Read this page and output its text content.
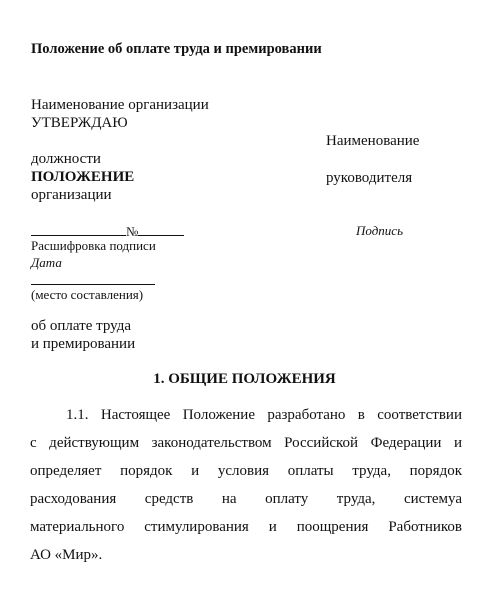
Положение об оплате труда и премировании
Наименование организации
УТВЕРЖДАЮ
Наименование
должности
ПОЛОЖЕНИЕ	руководителя
организации
№	Подпись
Расшифровка подписи
Дата
(место составления)
об оплате труда
и премировании
1. ОБЩИЕ ПОЛОЖЕНИЯ
1.1. Настоящее Положение разработано в соответствии
с действующим законодательством Российской Федерации и
определяет порядок и условия оплаты труда, порядок
расходования средств на оплату труда, системуа
материального стимулирования и поощрения Работников
АО «Мир».
